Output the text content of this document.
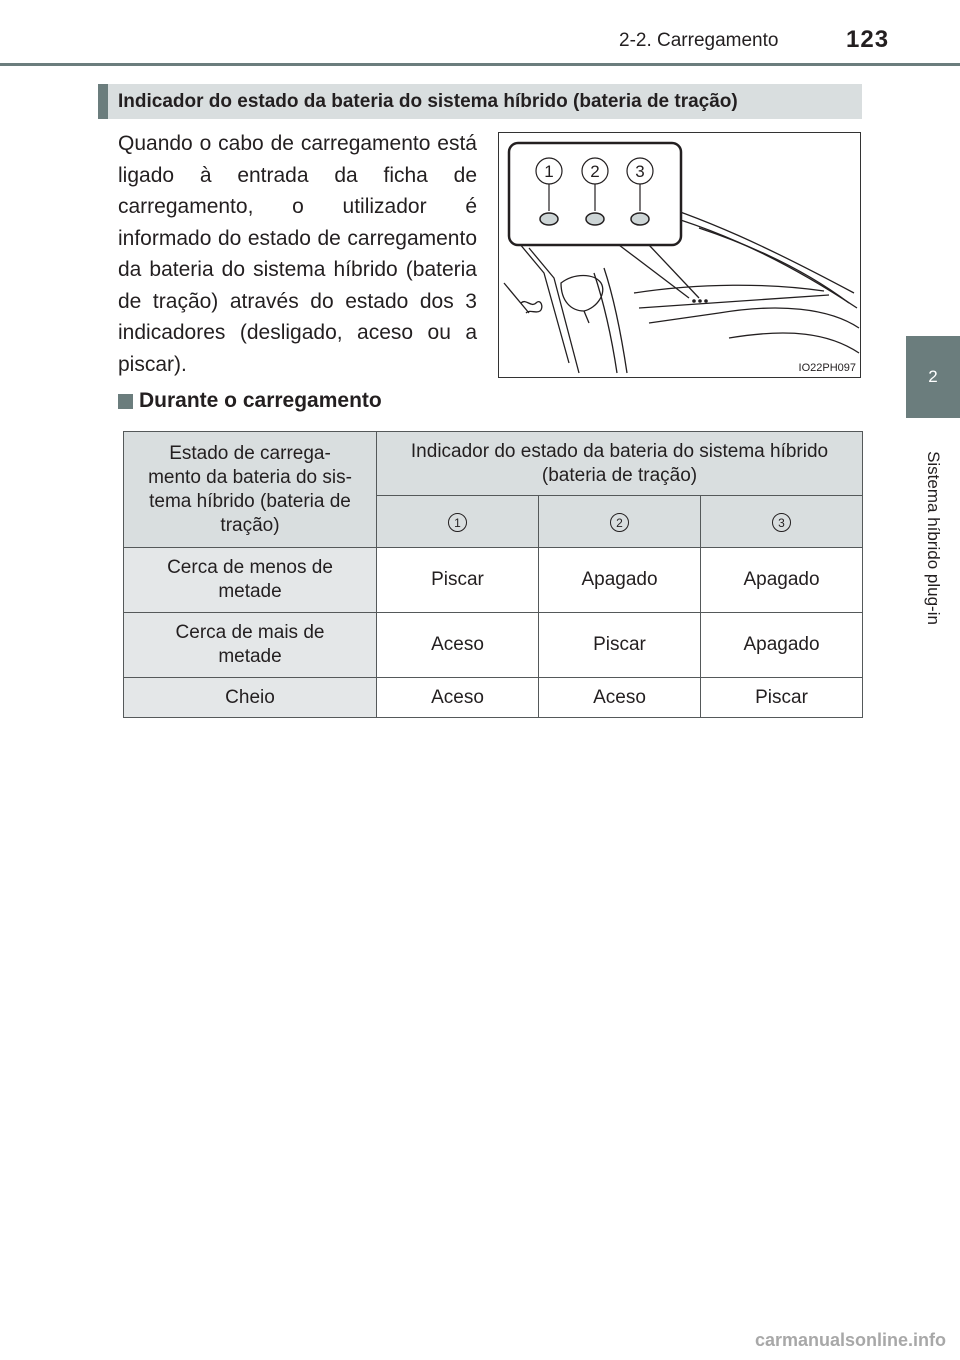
2-2. Carregamento	123
2
Sistema híbrido plug-in
Indicador do estado da bateria do sistema híbrido (bateria de tração)

Quando o cabo de carregamento está ligado à entrada da ficha de carregamento, o utilizador é informado do estado de carregamento da bateria do sistema híbrido (bateria de tração) através do estado dos 3 indicadores (desligado, aceso ou a piscar).

1 2 3
IO22PH097
Durante o carregamento
Estado de carrega-
mento da bateria do sis-
tema híbrido (bateria de
tração)	Indicador do estado da bateria do sistema híbrido (bateria de tração)		
	1	2	3
Cerca de menos de
metade	Piscar	Apagado	Apagado
Cerca de mais de
metade	Aceso	Piscar	Apagado
Cheio	Aceso	Aceso	Piscar
carmanualsonline.info
